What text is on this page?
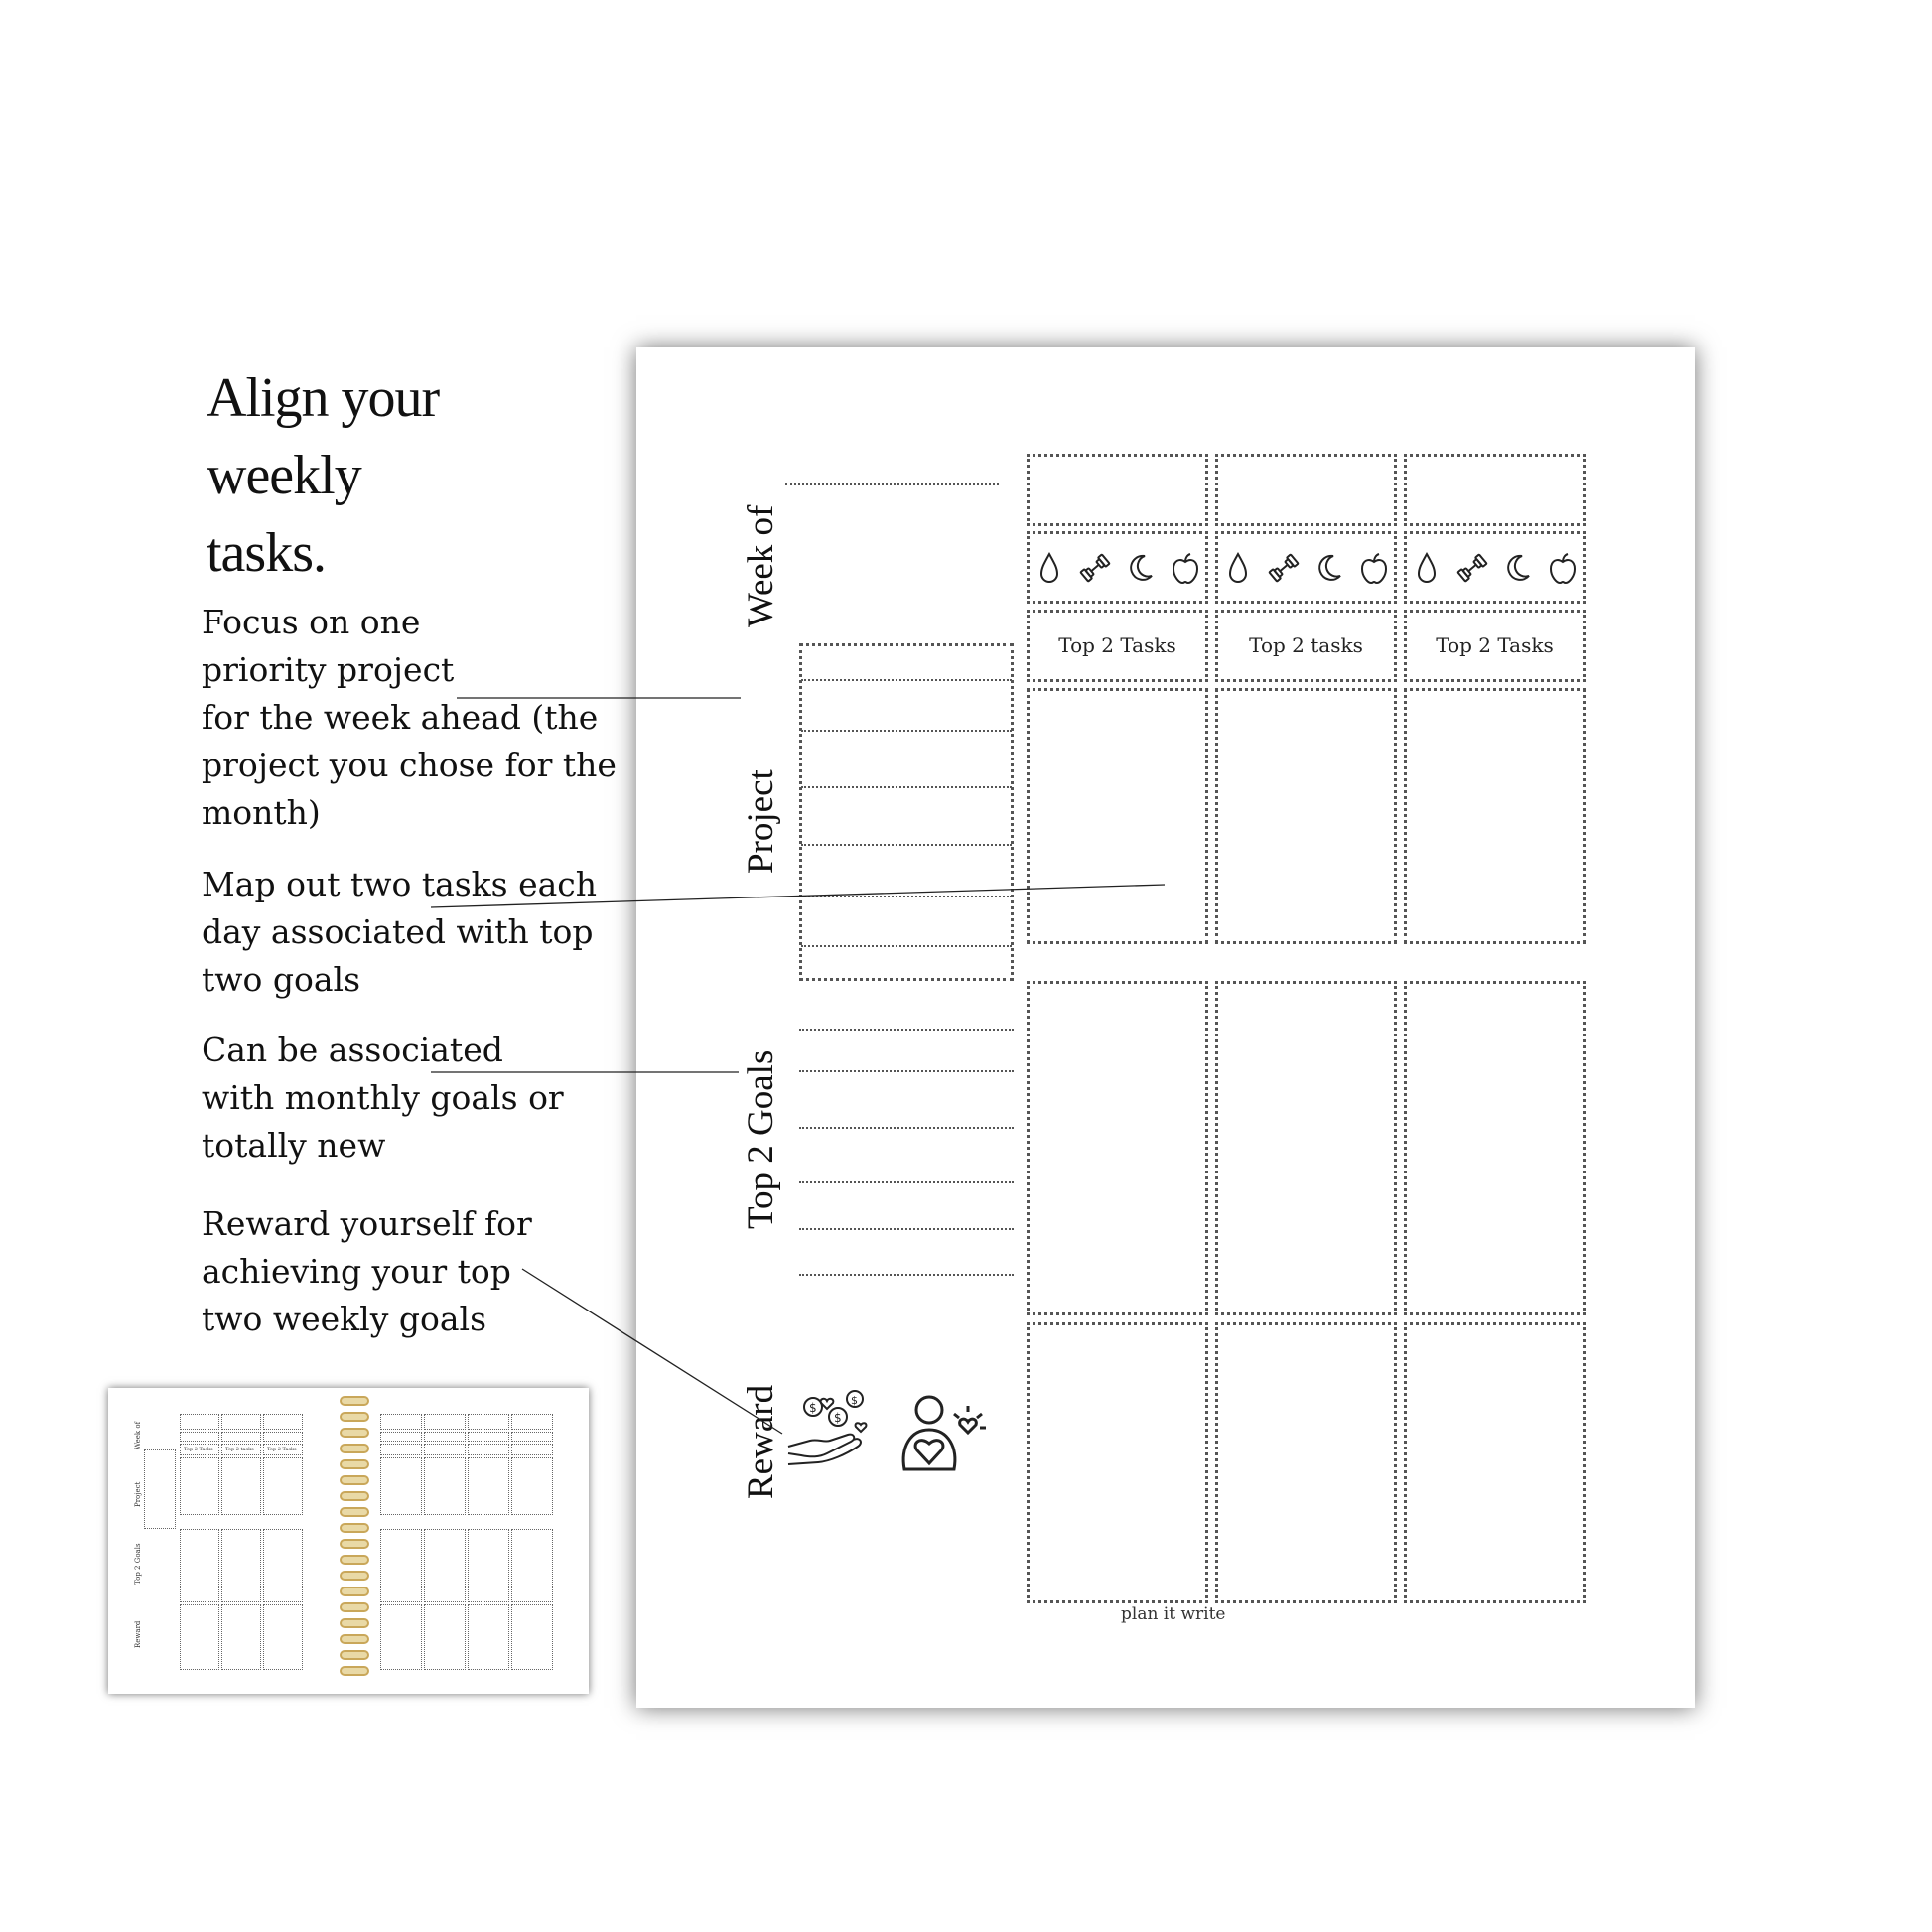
Align your
weekly
tasks.
Focus on one
priority project
for the week ahead (the
project you chose for the
month)
Map out two tasks each
day associated with top
two goals
Can be associated
with monthly goals or
totally new
Reward yourself for
achieving your top
two weekly goals
Week of
Project
Top 2 Goals
Reward
Top 2 Tasks	Top 2 tasks	Top 2 Tasks
$
$
$
plan it write
Week of
Project
Top 2 Goals
Reward
Top 2 Tasks Top 2 tasks	Top 2 Tasks
